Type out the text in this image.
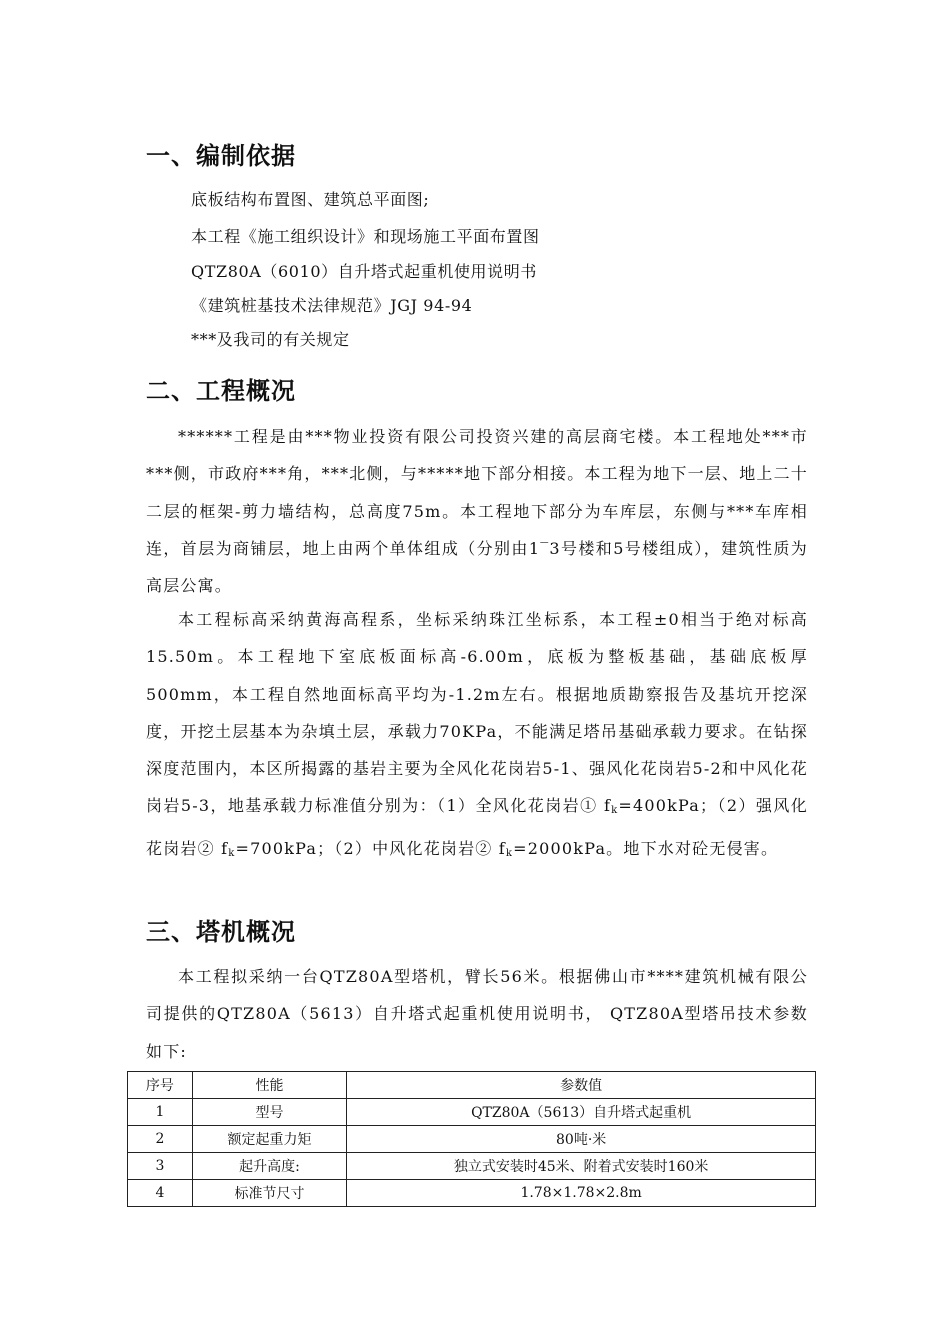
一、编制依据
底板结构布置图、建筑总平面图;
本工程《施工组织设计》和现场施工平面布置图
QTZ80A（6010）自升塔式起重机使用说明书
《建筑桩基技术法律规范》JGJ 94-94
***及我司的有关规定
二、工程概况

******工程是由***物业投资有限公司投资兴建的高层商宅楼。本工程地处***市***侧，市政府***角，***北侧，与*****地下部分相接。本工程为地下一层、地上二十二层的框架-剪力墙结构，总高度75m。本工程地下部分为车库层，东侧与***车库相连，首层为商铺层，地上由两个单体组成（分别由1‾3号楼和5号楼组成），建筑性质为高层公寓。

本工程标高采纳黄海高程系，坐标采纳珠江坐标系，本工程±0相当于绝对标高15.50m。本工程地下室底板面标高-6.00m，底板为整板基础，基础底板厚500mm，本工程自然地面标高平均为-1.2m左右。根据地质勘察报告及基坑开挖深度，开挖土层基本为杂填土层，承载力70KPa，不能满足塔吊基础承载力要求。在钻探深度范围内，本区所揭露的基岩主要为全风化花岗岩5-1、强风化花岗岩5-2和中风化花岗岩5-3，地基承载力标准值分别为：（1）全风化花岗岩① $f_k=400kPa$；（2）强风化花岗岩② $f_k=700kPa$；（2）中风化花岗岩② $f_k=2000kPa$。地下水对砼无侵害。

三、塔机概况

本工程拟采纳一台QTZ80A型塔机，臂长56米。根据佛山市****建筑机械有限公司提供的QTZ80A（5613）自升塔式起重机使用说明书， QTZ80A型塔吊技术参数如下:

序号	性能	参数值
1	型号	QTZ80A（5613）自升塔式起重机
2	额定起重力矩	80吨·米
3	起升高度:	独立式安装时45米、附着式安装时160米
4	标准节尺寸	1.78×1.78×2.8m
